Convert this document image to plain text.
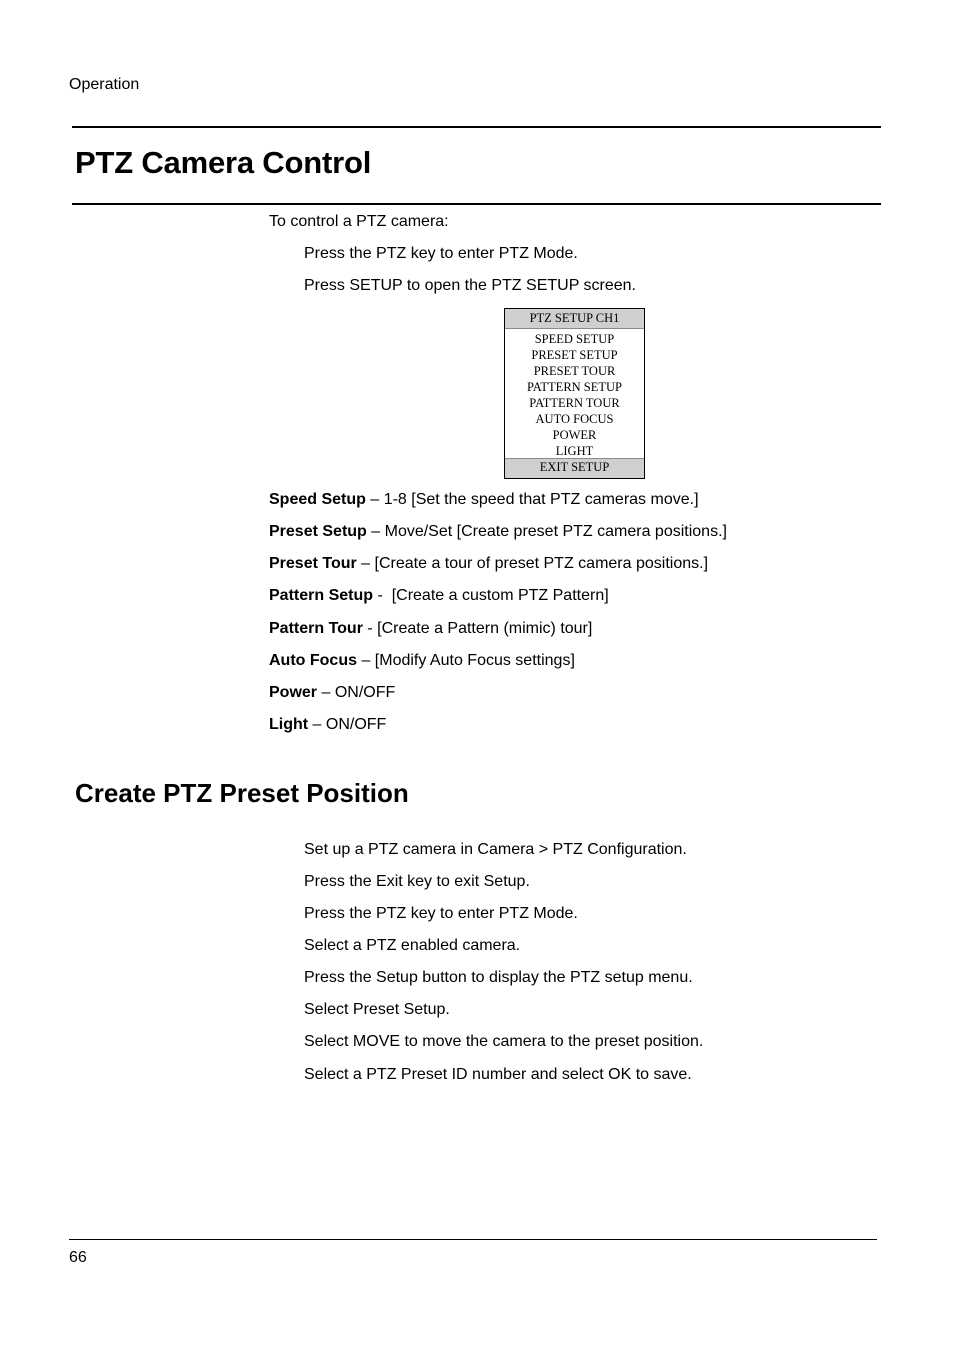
Operation
PTZ Camera Control
To control a PTZ camera:
Press the PTZ key to enter PTZ Mode.
Press SETUP to open the PTZ SETUP screen.
PTZ SETUP CH1
SPEED SETUP
PRESET SETUP
PRESET TOUR
PATTERN SETUP
PATTERN TOUR
AUTO FOCUS
POWER
LIGHT
EXIT SETUP
Speed Setup – 1-8 [Set the speed that PTZ cameras move.]
Preset Setup – Move/Set [Create preset PTZ camera positions.]
Preset Tour – [Create a tour of preset PTZ camera positions.]
Pattern Setup -  [Create a custom PTZ Pattern]
Pattern Tour - [Create a Pattern (mimic) tour]
Auto Focus – [Modify Auto Focus settings]
Power – ON/OFF
Light – ON/OFF
Create PTZ Preset Position
Set up a PTZ camera in Camera > PTZ Configuration.
Press the Exit key to exit Setup.
Press the PTZ key to enter PTZ Mode.
Select a PTZ enabled camera.
Press the Setup button to display the PTZ setup menu.
Select Preset Setup.
Select MOVE to move the camera to the preset position.
Select a PTZ Preset ID number and select OK to save.
66
